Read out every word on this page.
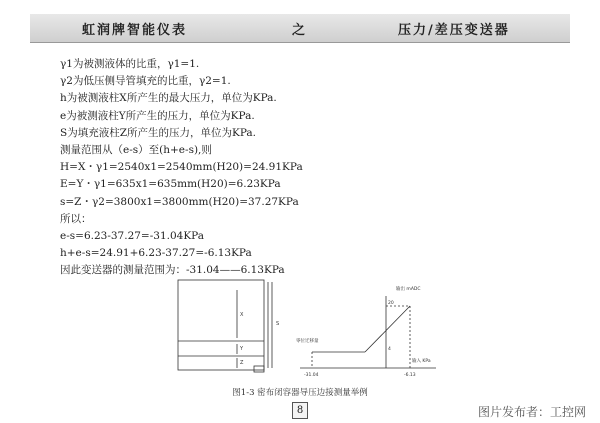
虹润牌智能仪表	之	压力/差压变送器
γ1为被测液体的比重，γ1=1.
γ2为低压侧导管填充的比重，γ2=1.
h为被测液柱X所产生的最大压力，单位为KPa.
e为被测液柱Y所产生的压力，单位为KPa.
S为填充液柱Z所产生的压力，单位为KPa.
测量范围从（e-s）至(h+e-s),则
H=X・γ1=2540x1=2540mm(H20)=24.91KPa
E=Y・γ1=635x1=635mm(H20)=6.23KPa
s=Z・γ2=3800x1=3800mm(H20)=37.27KPa
所以：
e-s=6.23-37.27=-31.04KPa
h+e-s=24.91+6.23-37.27=-6.13KPa
因此变送器的测量范围为：-31.04——6.13KPa
X
Y
Z
S
输出 mADC
输入 KPa
20
4
-31.04	-6.13
零位迁移量
图1-3 密布闭容器导压边接测量举例
8	图片发布者：工控网
